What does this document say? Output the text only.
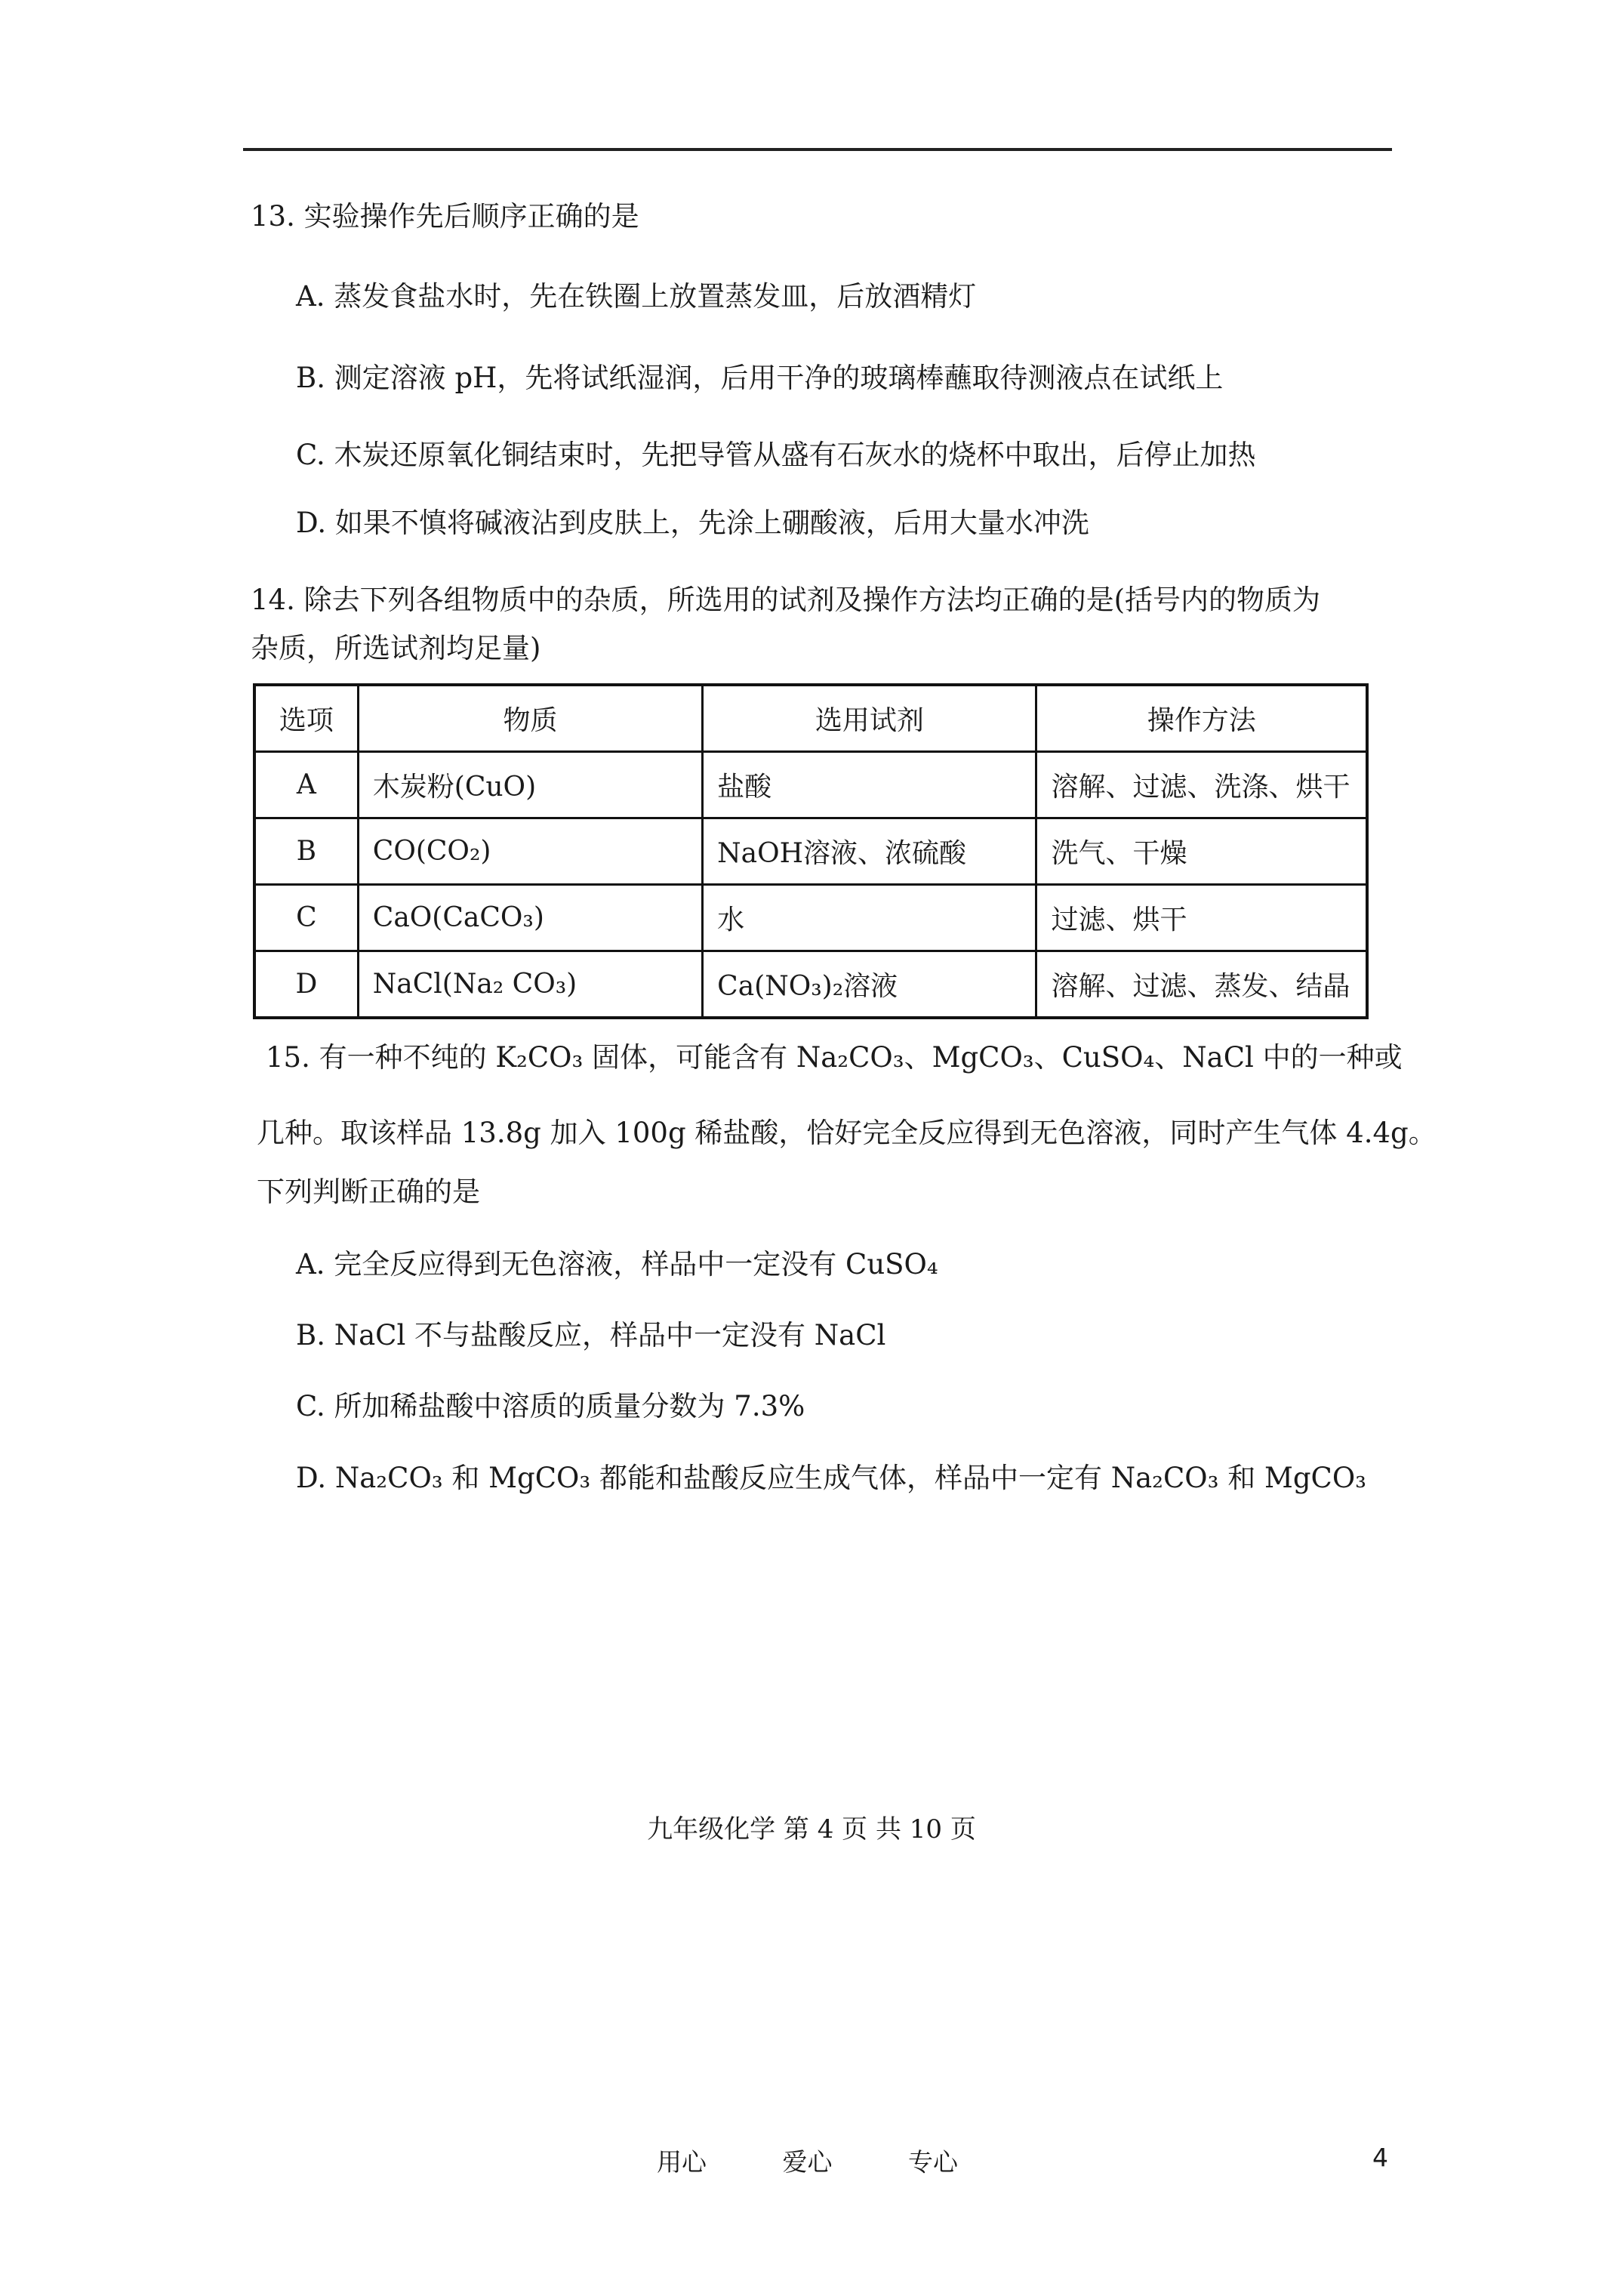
13. 实验操作先后顺序正确的是
A. 蒸发食盐水时，先在铁圈上放置蒸发皿，后放酒精灯
B. 测定溶液 pH，先将试纸湿润，后用干净的玻璃棒蘸取待测液点在试纸上
C. 木炭还原氧化铜结束时，先把导管从盛有石灰水的烧杯中取出，后停止加热
D. 如果不慎将碱液沾到皮肤上，先涂上硼酸液，后用大量水冲洗
14. 除去下列各组物质中的杂质，所选用的试剂及操作方法均正确的是(括号内的物质为
杂质，所选试剂均足量)
选项	物质	选用试剂	操作方法
A	木炭粉(CuO)	盐酸	溶解、过滤、洗涤、烘干
B	CO(CO₂)	NaOH溶液、浓硫酸	洗气、干燥
C	CaO(CaCO₃)	水	过滤、烘干
D	NaCl(Na₂ CO₃)	Ca(NO₃)₂溶液	溶解、过滤、蒸发、结晶
15. 有一种不纯的 K₂CO₃ 固体，可能含有 Na₂CO₃、MgCO₃、CuSO₄、NaCl 中的一种或
几种。取该样品 13.8g 加入 100g 稀盐酸，恰好完全反应得到无色溶液，同时产生气体 4.4g。
下列判断正确的是
A. 完全反应得到无色溶液，样品中一定没有 CuSO₄
B. NaCl 不与盐酸反应，样品中一定没有 NaCl
C. 所加稀盐酸中溶质的质量分数为 7.3%
D. Na₂CO₃ 和 MgCO₃ 都能和盐酸反应生成气体，样品中一定有 Na₂CO₃ 和 MgCO₃
九年级化学 第 4 页 共 10 页
用心	爱心	专心	4
